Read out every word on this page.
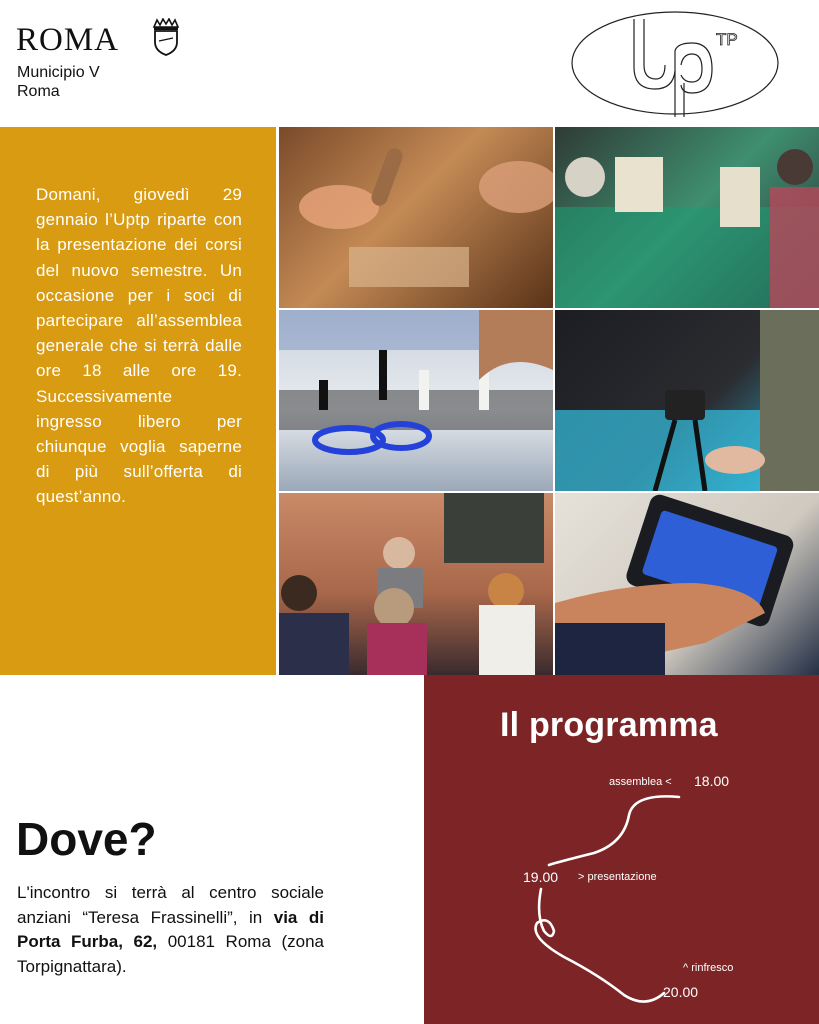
ROMA
Municipio V
Roma
TP
Domani, giovedì 29 gennaio l’Uptp riparte con la presentazione dei corsi del nuovo semestre. Un occasione per i soci di partecipare all’assemblea generale che si terrà dalle ore 18 alle ore 19. Successivamente ingresso libero per chiunque voglia saperne di più sull’offerta di quest’anno.
Il programma
assemblea < 18.00
19.00 > presentazione
^ rinfresco
20.00
Dove?
L'incontro si terrà al centro sociale anziani “Teresa Frassinelli”, in via di Porta Furba, 62, 00181 Roma (zona Torpignattara).
